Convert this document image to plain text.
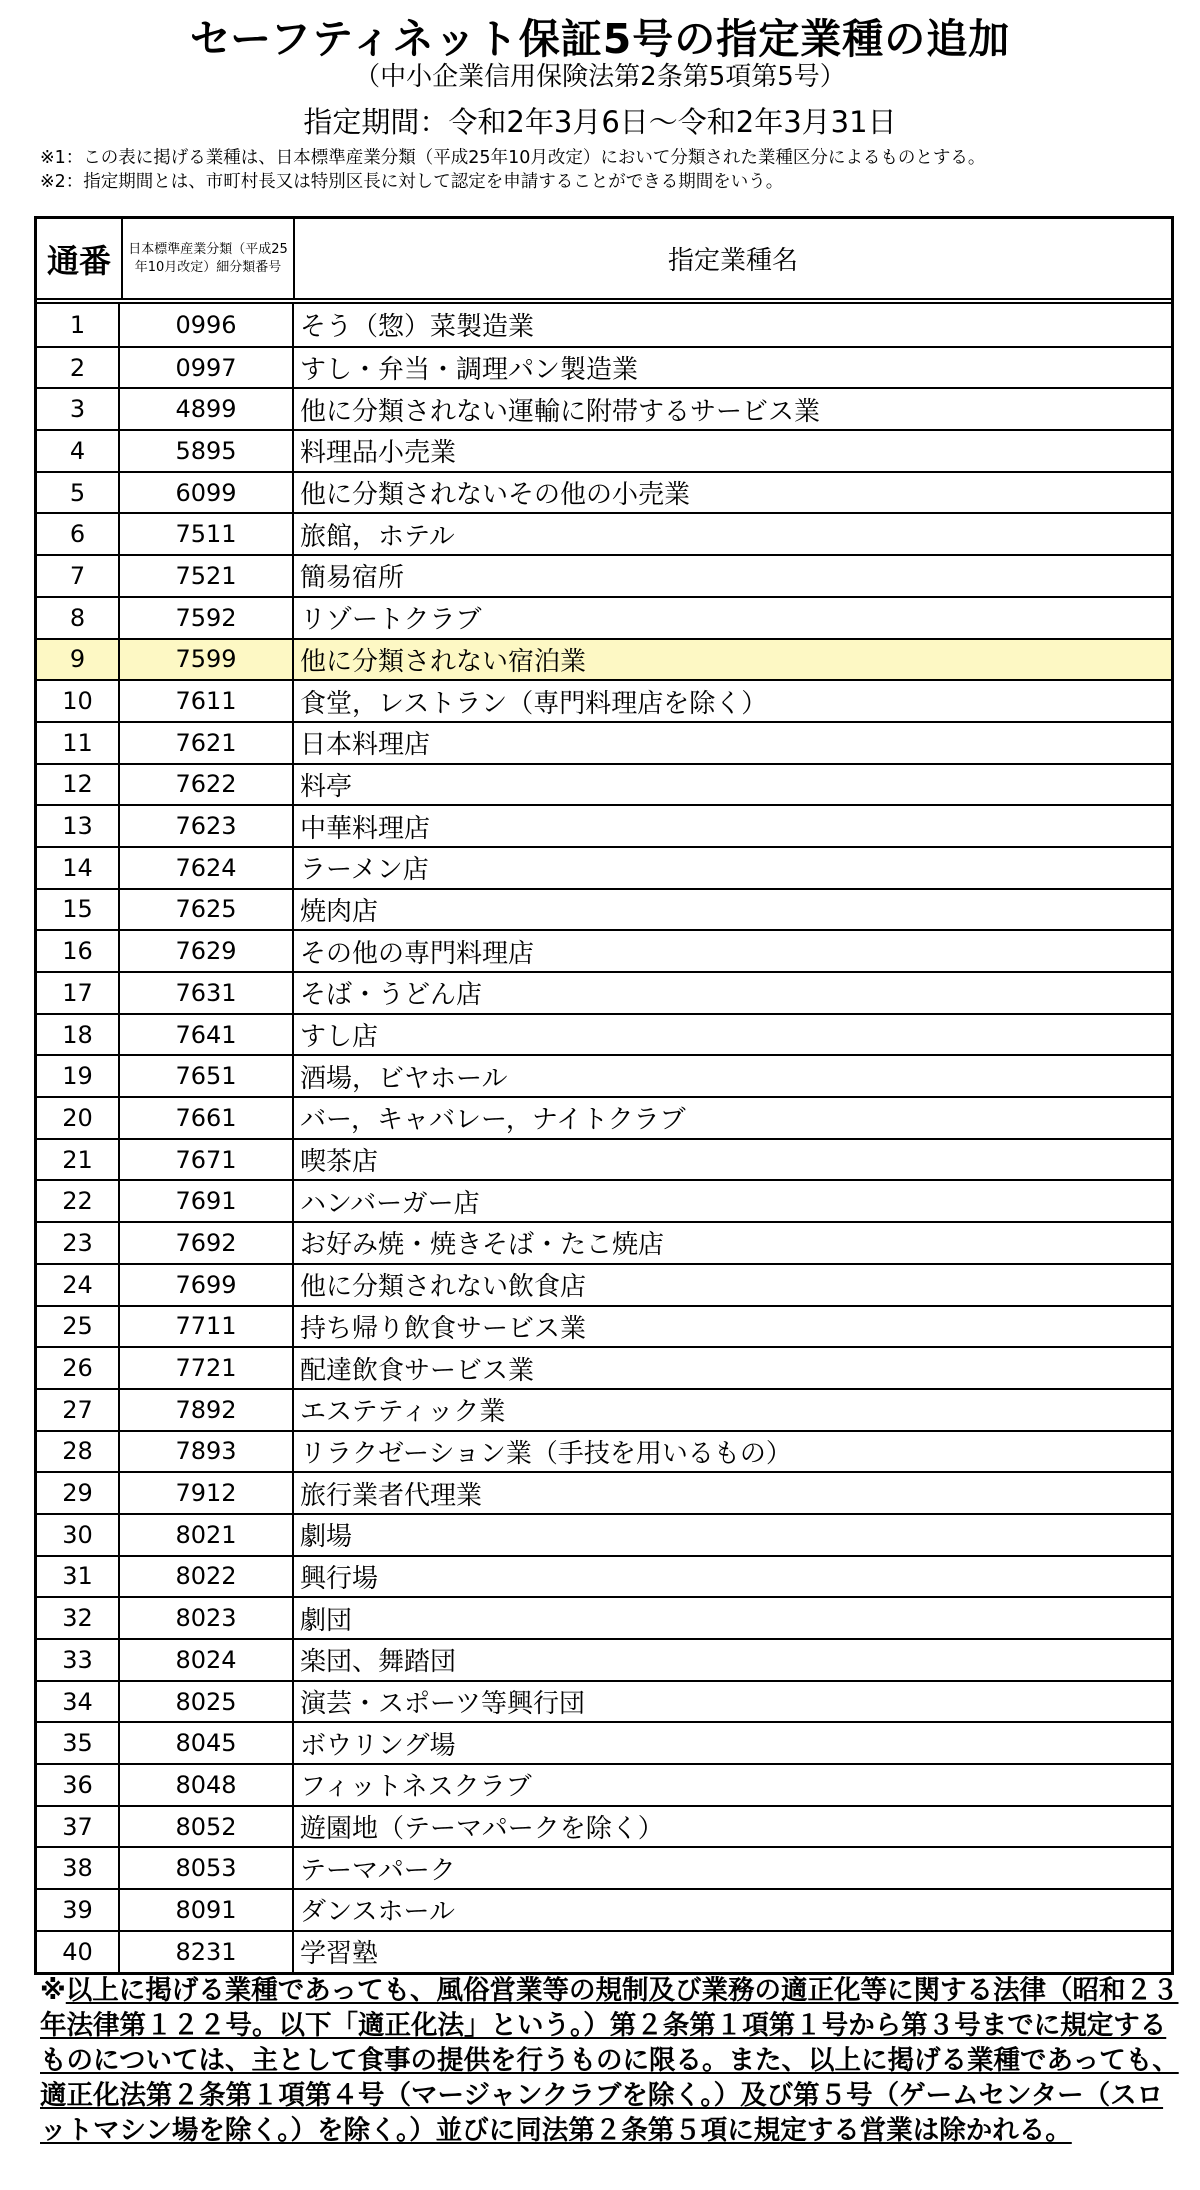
セーフティネット保証5号の指定業種の追加
（中小企業信用保険法第2条第5項第5号）
指定期間：令和2年3月6日～令和2年3月31日
※1：この表に掲げる業種は、日本標準産業分類（平成25年10月改定）において分類された業種区分によるものとする。
※2：指定期間とは、市町村長又は特別区長に対して認定を申請することができる期間をいう。
通番	日本標準産業分類（平成25年10月改定）細分類番号	指定業種名
1	0996	そう（惣）菜製造業
2	0997	すし・弁当・調理パン製造業
3	4899	他に分類されない運輸に附帯するサービス業
4	5895	料理品小売業
5	6099	他に分類されないその他の小売業
6	7511	旅館，ホテル
7	7521	簡易宿所
8	7592	リゾートクラブ
9	7599	他に分類されない宿泊業
10	7611	食堂，レストラン（専門料理店を除く）
11	7621	日本料理店
12	7622	料亭
13	7623	中華料理店
14	7624	ラーメン店
15	7625	焼肉店
16	7629	その他の専門料理店
17	7631	そば・うどん店
18	7641	すし店
19	7651	酒場，ビヤホール
20	7661	バー，キャバレー，ナイトクラブ
21	7671	喫茶店
22	7691	ハンバーガー店
23	7692	お好み焼・焼きそば・たこ焼店
24	7699	他に分類されない飲食店
25	7711	持ち帰り飲食サービス業
26	7721	配達飲食サービス業
27	7892	エステティック業
28	7893	リラクゼーション業（手技を用いるもの）
29	7912	旅行業者代理業
30	8021	劇場
31	8022	興行場
32	8023	劇団
33	8024	楽団、舞踏団
34	8025	演芸・スポーツ等興行団
35	8045	ボウリング場
36	8048	フィットネスクラブ
37	8052	遊園地（テーマパークを除く）
38	8053	テーマパーク
39	8091	ダンスホール
40	8231	学習塾
※以上に掲げる業種であっても、風俗営業等の規制及び業務の適正化等に関する法律（昭和２３年法律第１２２号。以下「適正化法」という。）第２条第１項第１号から第３号までに規定するものについては、主として食事の提供を行うものに限る。また、以上に掲げる業種であっても、適正化法第２条第１項第４号（マージャンクラブを除く。）及び第５号（ゲームセンター（スロットマシン場を除く。）を除く。）並びに同法第２条第５項に規定する営業は除かれる。
